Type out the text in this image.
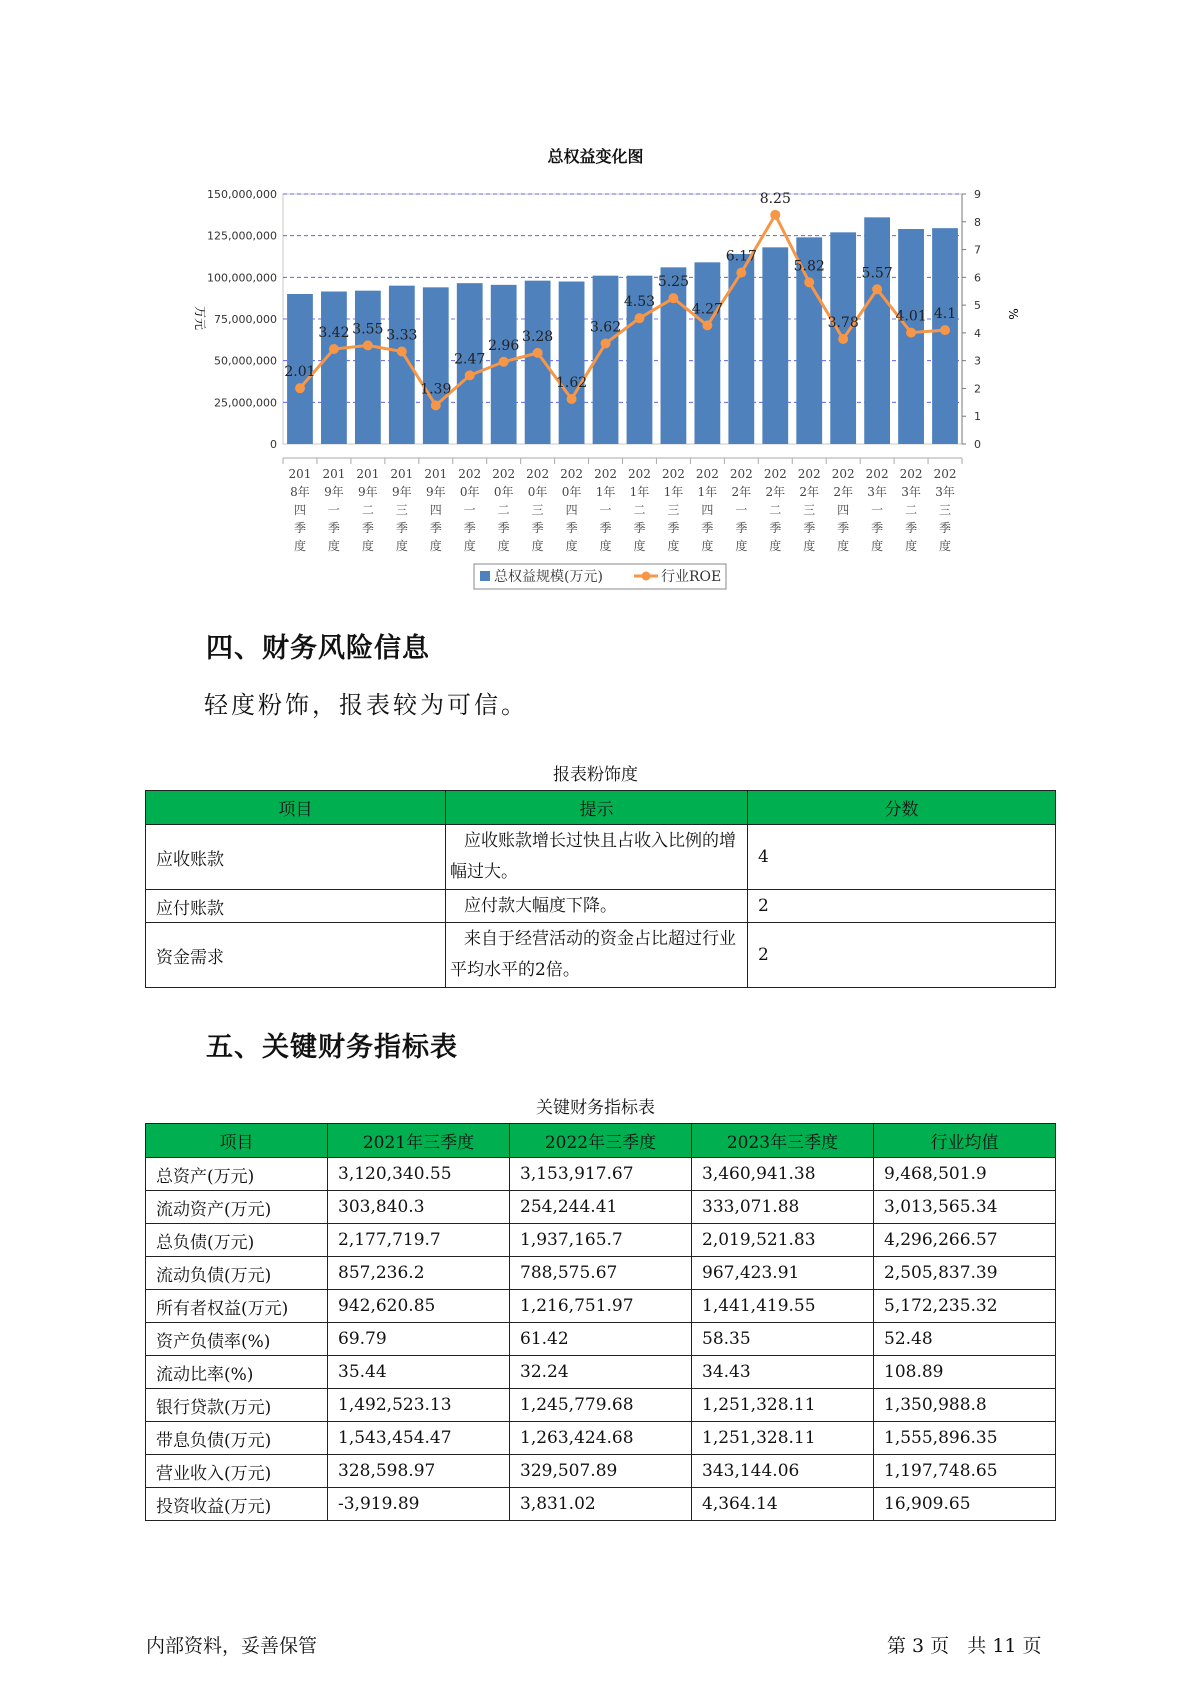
总权益变化图
0
25,000,000
50,000,000
75,000,000
100,000,000
125,000,000
150,000,000
0
1
2
3
4
5
6
7
8
9
万元	%
201 8年四季度
201 9年一季度
201 9年二季度
201 9年三季度
201 9年四季度
202 0年一季度
202 0年二季度
202 0年三季度
202 0年四季度
202 1年一季度
202 1年二季度
202 1年三季度
202 1年四季度
202 2年一季度
202 2年二季度
202 2年三季度
202 2年四季度
202 3年一季度
202 3年二季度
202 3年三季度
2.01
3.42 3.55 3.33
1.39
2.47
2.96
3.28
1.62
3.62
4.53
5.25
4.27
6.17
8.25
5.82
3.78
5.57
4.01 4.1
总权益规模(万元)	行业ROE
四、财务风险信息
轻度粉饰，报表较为可信。
报表粉饰度
项目	提示	分数
应收账款	应收账款增长过快且占收入比例的增幅过大。	4
应付账款	应付款大幅度下降。	2
资金需求	来自于经营活动的资金占比超过行业平均水平的2倍。	2
五、关键财务指标表
关键财务指标表
项目	2021年三季度	2022年三季度	2023年三季度	行业均值
总资产(万元)	3,120,340.55	3,153,917.67	3,460,941.38	9,468,501.9
流动资产(万元)	303,840.3	254,244.41	333,071.88	3,013,565.34
总负债(万元)	2,177,719.7	1,937,165.7	2,019,521.83	4,296,266.57
流动负债(万元)	857,236.2	788,575.67	967,423.91	2,505,837.39
所有者权益(万元)	942,620.85	1,216,751.97	1,441,419.55	5,172,235.32
资产负债率(%)	69.79	61.42	58.35	52.48
流动比率(%)	35.44	32.24	34.43	108.89
银行贷款(万元)	1,492,523.13	1,245,779.68	1,251,328.11	1,350,988.8
带息负债(万元)	1,543,454.47	1,263,424.68	1,251,328.11	1,555,896.35
营业收入(万元)	328,598.97	329,507.89	343,144.06	1,197,748.65
投资收益(万元)	-3,919.89	3,831.02	4,364.14	16,909.65
内部资料，妥善保管	第 3 页   共 11 页
